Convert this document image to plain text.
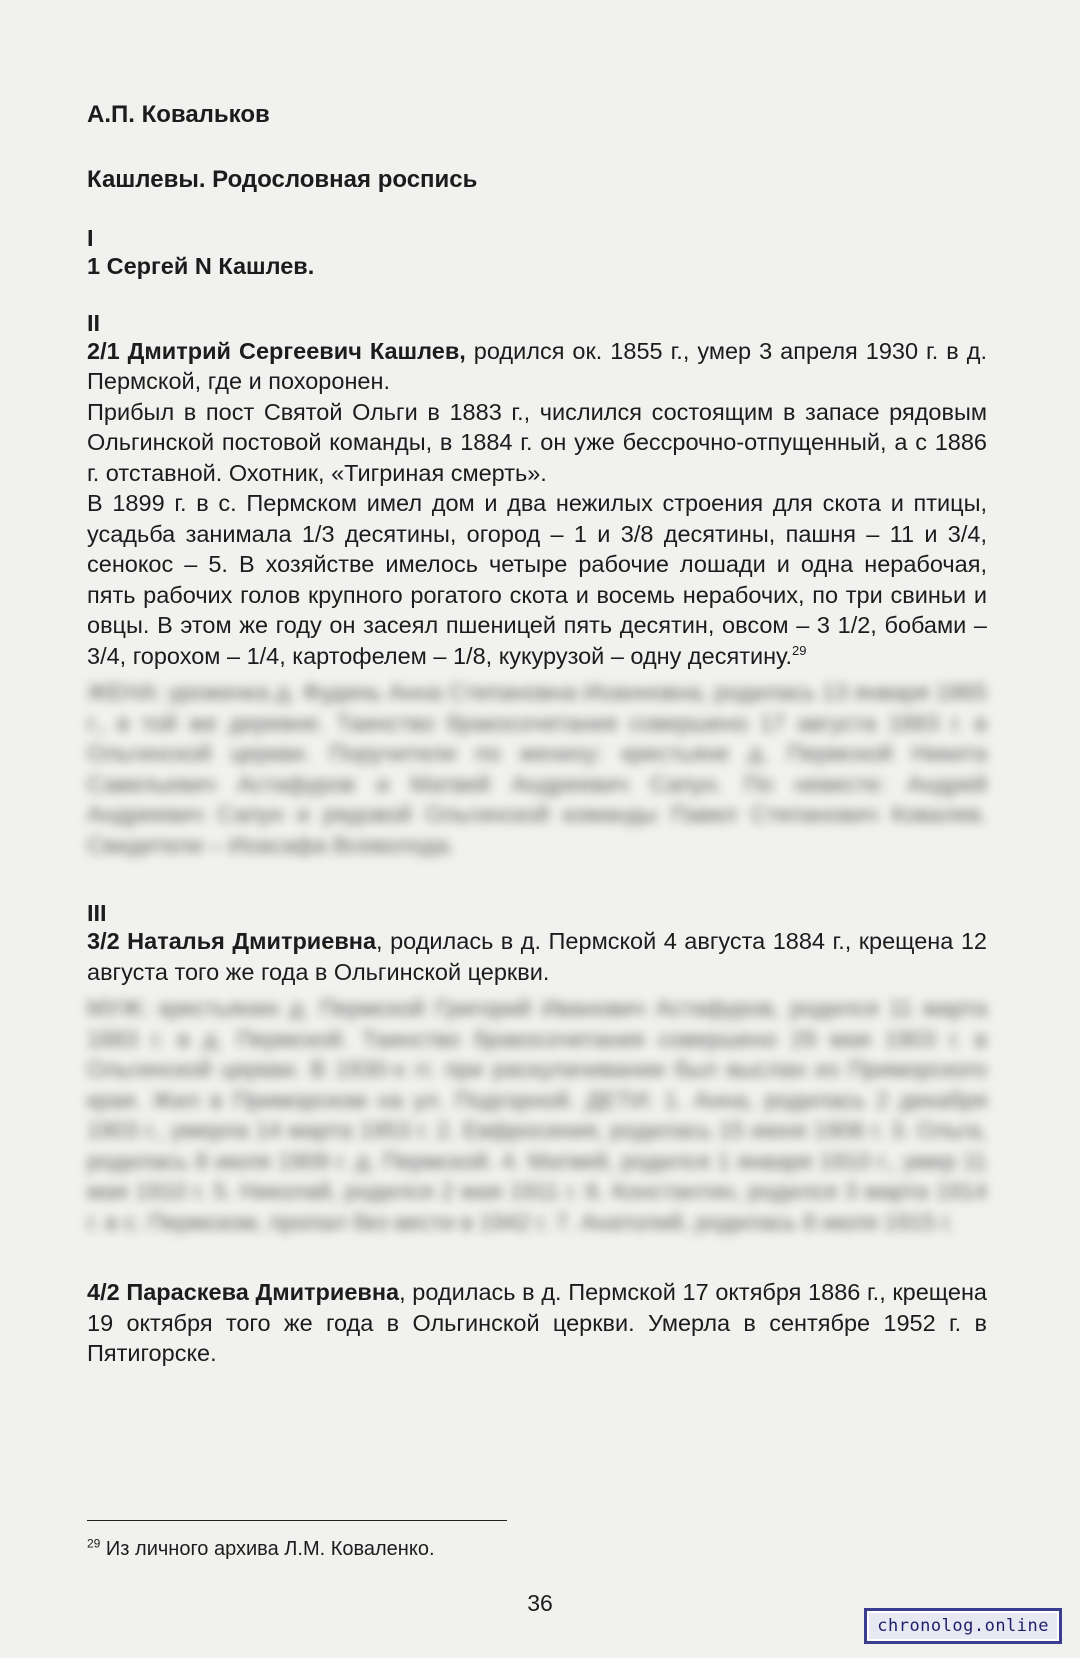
А.П. Ковальков
Кашлевы. Родословная роспись
I
1 Сергей N Кашлев.
II

2/1 Дмитрий Сергеевич Кашлев, родился ок. 1855 г., умер 3 апреля 1930 г. в д. Пермской, где и похоронен.

Прибыл в пост Святой Ольги в 1883 г., числился состоящим в запасе рядовым Ольгинской постовой команды, в 1884 г. он уже бессрочно-отпущенный, а с 1886 г. отставной. Охотник, «Тигриная смерть».

В 1899 г. в с. Пермском имел дом и два нежилых строения для скота и птицы, усадьба занимала 1/3 десятины, огород – 1 и 3/8 десятины, пашня – 11 и 3/4, сенокос – 5. В хозяйстве имелось четыре рабочие лошади и одна нерабочая, пять рабочих голов крупного рогатого скота и восемь нерабочих, по три свиньи и овцы. В этом же году он засеял пшеницей пять десятин, овсом – 3 1/2, бобами – 3/4, горохом – 1/4, картофелем – 1/8, кукурузой – одну десятину.$^{29}$

ЖЕНА: уроженка д. Фудинь Анна Степановна Иоанновна, родилась 13 января 1865 г., в той же деревне. Таинство бракосочетания совершено 17 августа 1883 г. в Ольгинской церкви. Поручители по жениху: крестьяне д. Пермской Никита Савельевич Астафуров и Матвей Андреевич Сапун. По невесте: Андрей Андреевич Сапун и рядовой Ольгинской команды Павел Степанович Ковалев. Свидетели – Иоасафа Всеволода.
III

3/2 Наталья Дмитриевна, родилась в д. Пермской 4 августа 1884 г., крещена 12 августа того же года в Ольгинской церкви.

МУЖ: крестьянин д. Пермской Григорий Иванович Астафуров, родился 11 марта 1883 г. в д. Пермской. Таинство бракосочетания совершено 29 мая 1903 г. в Ольгинской церкви. В 1930-х гг. при раскулачивании был выслан из Приморского края. Жил в Приморском на ул. Подгорной. ДЕТИ: 1. Анна, родилась 2 декабря 1903 г., умерла 14 марта 1953 г. 2. Евфросиния, родилась 15 июня 1906 г. 3. Ольга, родилась 8 июля 1909 г. д. Пермской. 4. Матвей, родился 1 января 1910 г., умер 11 мая 1910 г. 5. Николай, родился 2 мая 1911 г. 6. Константин, родился 3 марта 1914 г. в с. Пермском, пропал без вести в 1942 г. 7. Анатолий, родилась 8 июля 1915 г.

4/2 Параскева Дмитриевна, родилась в д. Пермской 17 октября 1886 г., крещена 19 октября того же года в Ольгинской церкви. Умерла в сентябре 1952 г. в Пятигорске.

$^{29}$ Из личного архива Л.М. Коваленко.
36
chronolog.online
